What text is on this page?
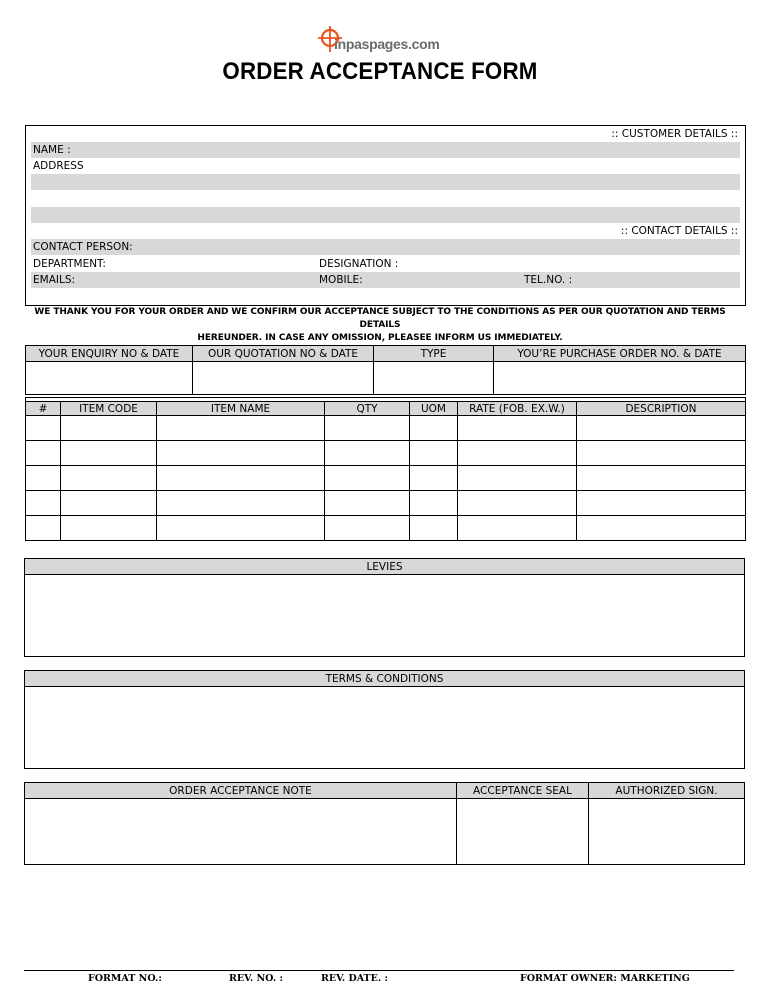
inpaspages.com
ORDER ACCEPTANCE FORM
:: CUSTOMER DETAILS ::
NAME :
ADDRESS
:: CONTACT DETAILS ::
CONTACT PERSON:
DEPARTMENT:	DESIGNATION :
EMAILS:	MOBILE:	TEL.NO. :
WE THANK YOU FOR YOUR ORDER AND WE CONFIRM OUR ACCEPTANCE SUBJECT TO THE CONDITIONS AS PER OUR QUOTATION AND TERMS DETAILS
HEREUNDER. IN CASE ANY OMISSION, PLEASEE INFORM US IMMEDIATELY.
YOUR ENQUIRY NO & DATE	OUR QUOTATION NO & DATE	TYPE	YOU’RE PURCHASE ORDER NO. & DATE

#	ITEM CODE	ITEM NAME	QTY	UOM	RATE (FOB. EX.W.)	DESCRIPTION

LEVIES

TERMS & CONDITIONS

ORDER ACCEPTANCE NOTE	ACCEPTANCE SEAL	AUTHORIZED SIGN.

FORMAT NO.:	REV. NO. :	REV. DATE. :	FORMAT OWNER: MARKETING
